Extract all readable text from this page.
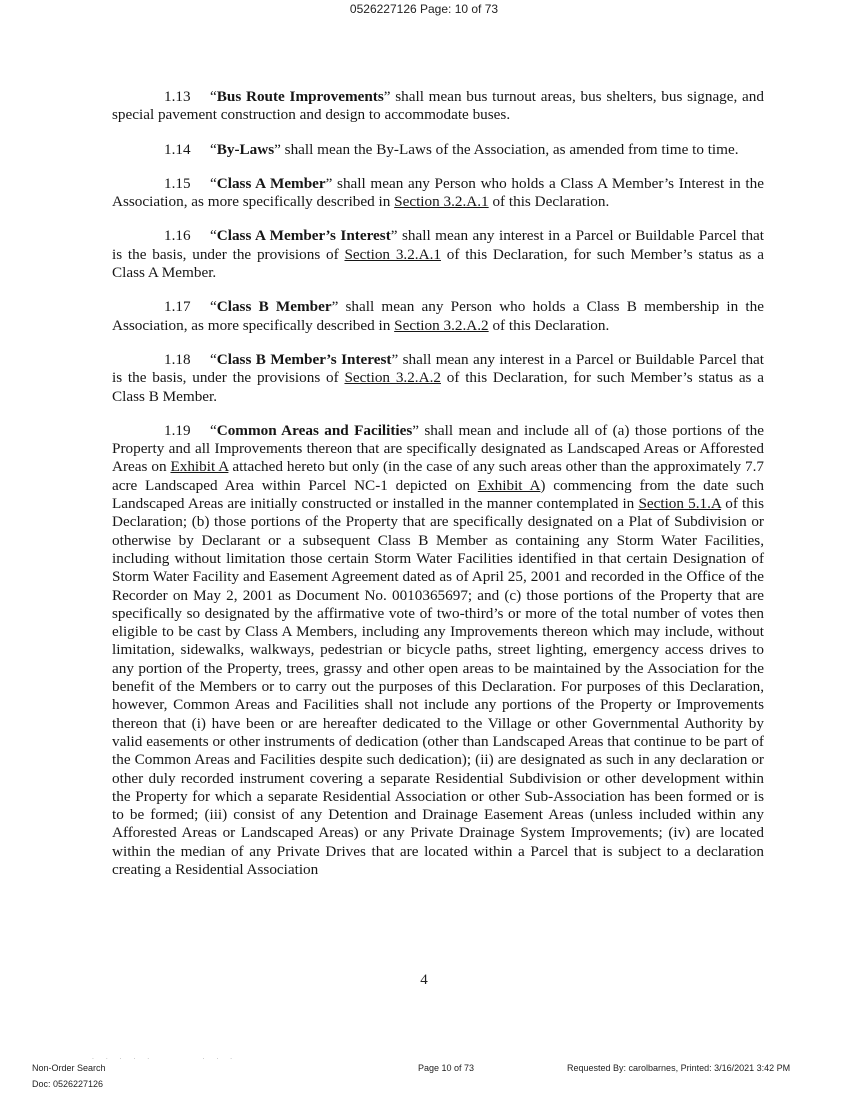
0526227126 Page: 10 of 73

1.13 “Bus Route Improvements” shall mean bus turnout areas, bus shelters, bus signage, and special pavement construction and design to accommodate buses.

1.14 “By-Laws” shall mean the By-Laws of the Association, as amended from time to time.

1.15 “Class A Member” shall mean any Person who holds a Class A Member’s Interest in the Association, as more specifically described in Section 3.2.A.1 of this Declaration.

1.16 “Class A Member’s Interest” shall mean any interest in a Parcel or Buildable Parcel that is the basis, under the provisions of Section 3.2.A.1 of this Declaration, for such Member’s status as a Class A Member.

1.17 “Class B Member” shall mean any Person who holds a Class B membership in the Association, as more specifically described in Section 3.2.A.2 of this Declaration.

1.18 “Class B Member’s Interest” shall mean any interest in a Parcel or Buildable Parcel that is the basis, under the provisions of Section 3.2.A.2 of this Declaration, for such Member’s status as a Class B Member.

1.19 “Common Areas and Facilities” shall mean and include all of (a) those portions of the Property and all Improvements thereon that are specifically designated as Landscaped Areas or Afforested Areas on Exhibit A attached hereto but only (in the case of any such areas other than the approximately 7.7 acre Landscaped Area within Parcel NC-1 depicted on Exhibit A) commencing from the date such Landscaped Areas are initially constructed or installed in the manner contemplated in Section 5.1.A of this Declaration; (b) those portions of the Property that are specifically designated on a Plat of Subdivision or otherwise by Declarant or a subsequent Class B Member as containing any Storm Water Facilities, including without limitation those certain Storm Water Facilities identified in that certain Designation of Storm Water Facility and Easement Agreement dated as of April 25, 2001 and recorded in the Office of the Recorder on May 2, 2001 as Document No. 0010365697; and (c) those portions of the Property that are specifically so designated by the affirmative vote of two-third’s or more of the total number of votes then eligible to be cast by Class A Members, including any Improvements thereon which may include, without limitation, sidewalks, walkways, pedestrian or bicycle paths, street lighting, emergency access drives to any portion of the Property, trees, grassy and other open areas to be maintained by the Association for the benefit of the Members or to carry out the purposes of this Declaration. For purposes of this Declaration, however, Common Areas and Facilities shall not include any portions of the Property or Improvements thereon that (i) have been or are hereafter dedicated to the Village or other Governmental Authority by valid easements or other instruments of dedication (other than Landscaped Areas that continue to be part of the Common Areas and Facilities despite such dedication); (ii) are designated as such in any declaration or other duly recorded instrument covering a separate Residential Subdivision or other development within the Property for which a separate Residential Association or other Sub-Association has been formed or is to be formed; (iii) consist of any Detention and Drainage Easement Areas (unless included within any Afforested Areas or Landscaped Areas) or any Private Drainage System Improvements; (iv) are located within the median of any Private Drives that are located within a Parcel that is subject to a declaration creating a Residential Association

4
. . . . .       . . .
Non-Order Search
Doc: 0526227126
Page 10 of 73	Requested By: carolbarnes, Printed: 3/16/2021 3:42 PM
